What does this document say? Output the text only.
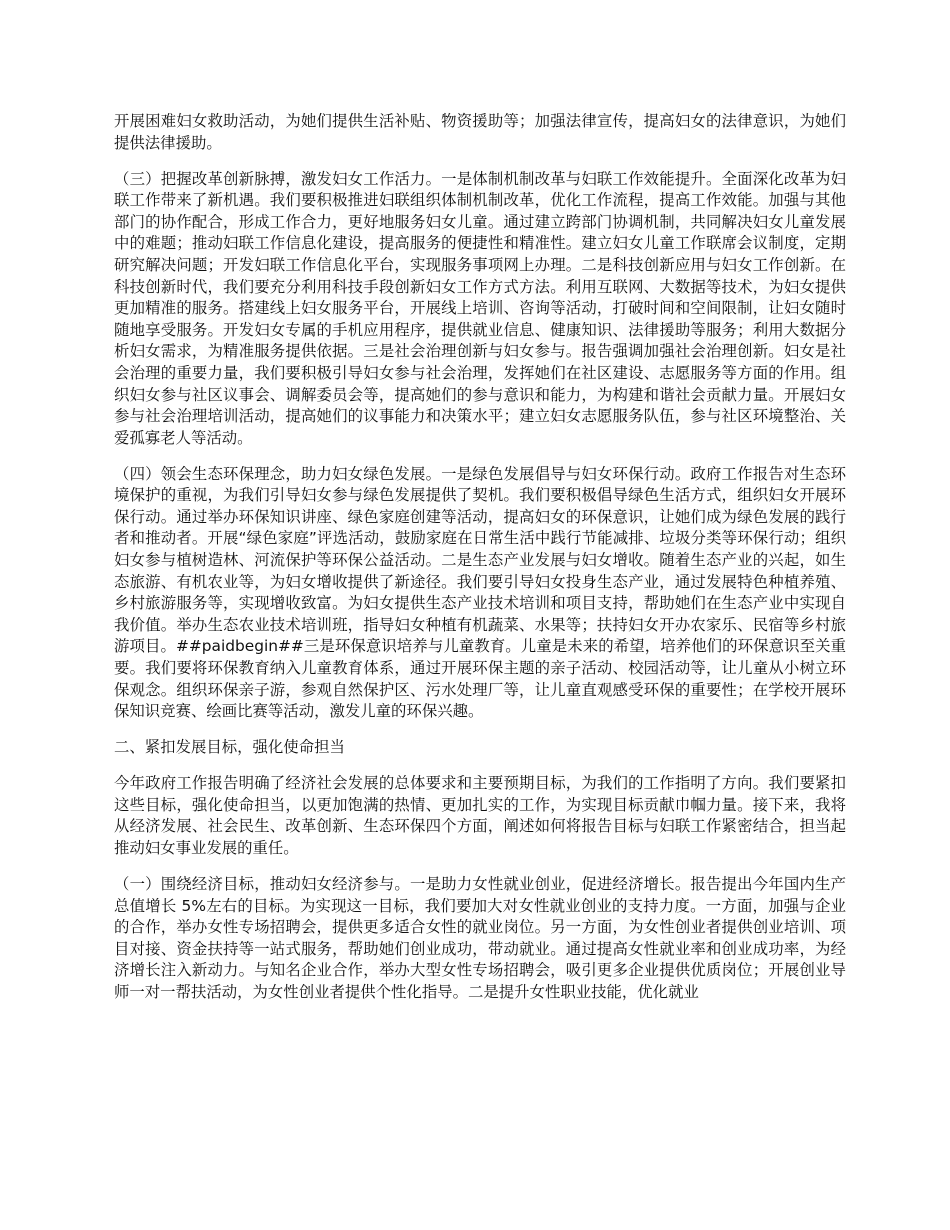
开展困难妇女救助活动，为她们提供生活补贴、物资援助等；加强法律宣传，提高妇女的法律意识，为她们提供法律援助。

（三）把握改革创新脉搏，激发妇女工作活力。一是体制机制改革与妇联工作效能提升。全面深化改革为妇联工作带来了新机遇。我们要积极推进妇联组织体制机制改革，优化工作流程，提高工作效能。加强与其他部门的协作配合，形成工作合力，更好地服务妇女儿童。通过建立跨部门协调机制，共同解决妇女儿童发展中的难题；推动妇联工作信息化建设，提高服务的便捷性和精准性。建立妇女儿童工作联席会议制度，定期研究解决问题；开发妇联工作信息化平台，实现服务事项网上办理。二是科技创新应用与妇女工作创新。在科技创新时代，我们要充分利用科技手段创新妇女工作方式方法。利用互联网、大数据等技术，为妇女提供更加精准的服务。搭建线上妇女服务平台，开展线上培训、咨询等活动，打破时间和空间限制，让妇女随时随地享受服务。开发妇女专属的手机应用程序，提供就业信息、健康知识、法律援助等服务；利用大数据分析妇女需求，为精准服务提供依据。三是社会治理创新与妇女参与。报告强调加强社会治理创新。妇女是社会治理的重要力量，我们要积极引导妇女参与社会治理，发挥她们在社区建设、志愿服务等方面的作用。组织妇女参与社区议事会、调解委员会等，提高她们的参与意识和能力，为构建和谐社会贡献力量。开展妇女参与社会治理培训活动，提高她们的议事能力和决策水平；建立妇女志愿服务队伍，参与社区环境整治、关爱孤寡老人等活动。

（四）领会生态环保理念，助力妇女绿色发展。一是绿色发展倡导与妇女环保行动。政府工作报告对生态环境保护的重视，为我们引导妇女参与绿色发展提供了契机。我们要积极倡导绿色生活方式，组织妇女开展环保行动。通过举办环保知识讲座、绿色家庭创建等活动，提高妇女的环保意识，让她们成为绿色发展的践行者和推动者。开展“绿色家庭”评选活动，鼓励家庭在日常生活中践行节能减排、垃圾分类等环保行动；组织妇女参与植树造林、河流保护等环保公益活动。二是生态产业发展与妇女增收。随着生态产业的兴起，如生态旅游、有机农业等，为妇女增收提供了新途径。我们要引导妇女投身生态产业，通过发展特色种植养殖、乡村旅游服务等，实现增收致富。为妇女提供生态产业技术培训和项目支持，帮助她们在生态产业中实现自我价值。举办生态农业技术培训班，指导妇女种植有机蔬菜、水果等；扶持妇女开办农家乐、民宿等乡村旅游项目。##paidbegin##三是环保意识培养与儿童教育。儿童是未来的希望，培养他们的环保意识至关重要。我们要将环保教育纳入儿童教育体系，通过开展环保主题的亲子活动、校园活动等，让儿童从小树立环保观念。组织环保亲子游，参观自然保护区、污水处理厂等，让儿童直观感受环保的重要性；在学校开展环保知识竞赛、绘画比赛等活动，激发儿童的环保兴趣。

二、紧扣发展目标，强化使命担当

今年政府工作报告明确了经济社会发展的总体要求和主要预期目标，为我们的工作指明了方向。我们要紧扣这些目标，强化使命担当，以更加饱满的热情、更加扎实的工作，为实现目标贡献巾帼力量。接下来，我将从经济发展、社会民生、改革创新、生态环保四个方面，阐述如何将报告目标与妇联工作紧密结合，担当起推动妇女事业发展的重任。

（一）围绕经济目标，推动妇女经济参与。一是助力女性就业创业，促进经济增长。报告提出今年国内生产总值增长 5%左右的目标。为实现这一目标，我们要加大对女性就业创业的支持力度。一方面，加强与企业的合作，举办女性专场招聘会，提供更多适合女性的就业岗位。另一方面，为女性创业者提供创业培训、项目对接、资金扶持等一站式服务，帮助她们创业成功，带动就业。通过提高女性就业率和创业成功率，为经济增长注入新动力。与知名企业合作，举办大型女性专场招聘会，吸引更多企业提供优质岗位；开展创业导师一对一帮扶活动，为女性创业者提供个性化指导。二是提升女性职业技能，优化就业
